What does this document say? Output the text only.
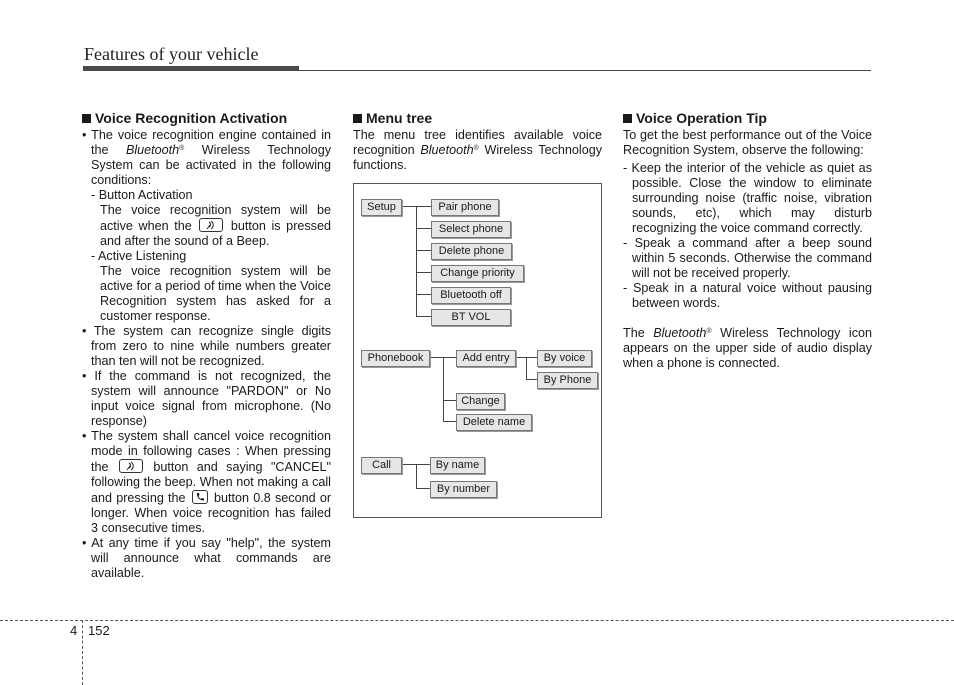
Features of your vehicle
Voice Recognition Activation

• The voice recognition engine contained in the Bluetooth® Wireless Technology System can be activated in the following conditions:

- Button Activation

The voice recognition system will be active when the	button is pressed and after the sound of a Beep.

- Active Listening

The voice recognition system will be active for a period of time when the Voice Recognition system has asked for a customer response.

• The system can recognize single digits from zero to nine while numbers greater than ten will not be recognized.

• If the command is not recognized, the system will announce "PARDON" or No input voice signal from microphone. (No response)

• The system shall cancel voice recognition mode in following cases : When pressing the	button and saying "CANCEL" following the beep. When not making a call and pressing the button 0.8 second or longer. When voice recognition has failed 3 consecutive times.

• At any time if you say "help", the system will announce what commands are available.

Menu tree

The menu tree identifies available voice recognition Bluetooth® Wireless Technology functions.

Setup	Pair phone
Select phone
Delete phone
Change priority
Bluetooth off
BT VOL
Phonebook	Add entry	By voice
By Phone
Change
Delete name
Call	By name
By number
Voice Operation Tip

To get the best performance out of the Voice Recognition System, observe the following:

- Keep the interior of the vehicle as quiet as possible. Close the window to eliminate surrounding noise (traffic noise, vibration sounds, etc), which may disturb recognizing the voice command correctly.

- Speak a command after a beep sound within 5 seconds. Otherwise the command will not be received properly.

- Speak in a natural voice without pausing between words.

The Bluetooth® Wireless Technology icon appears on the upper side of audio display when a phone is connected.

4 152
